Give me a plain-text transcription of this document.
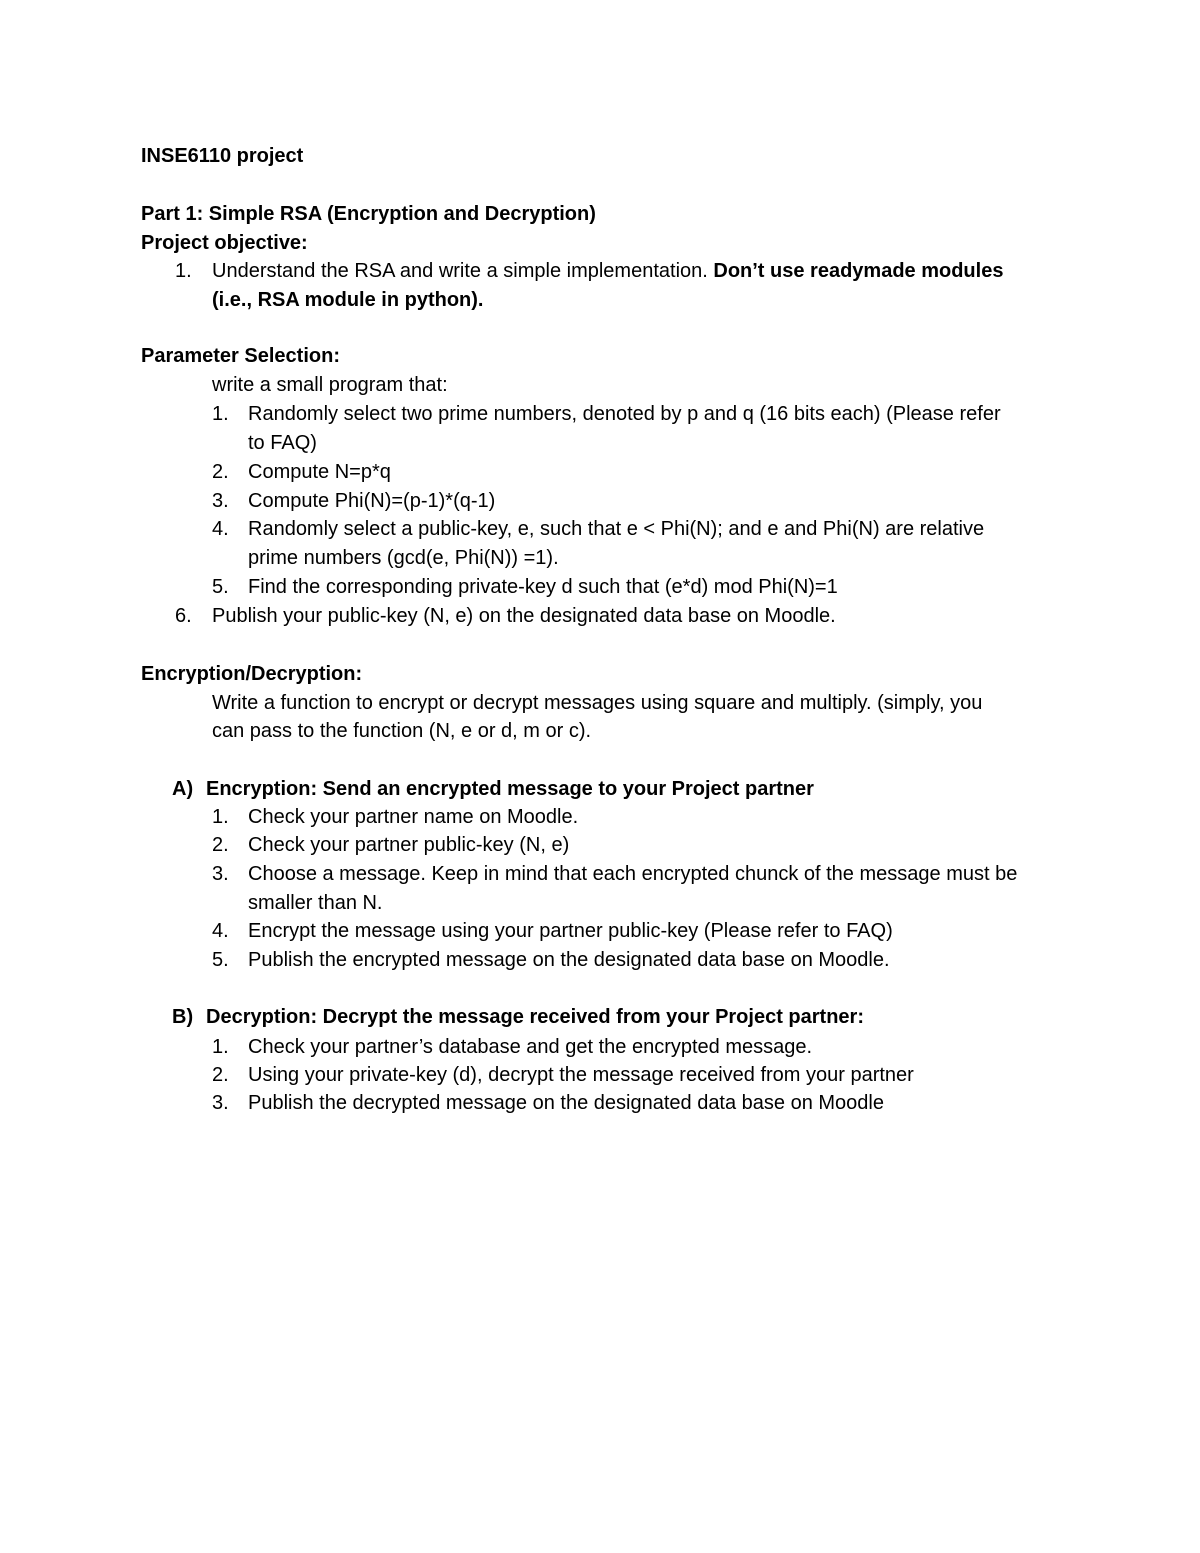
INSE6110 project
Part 1: Simple RSA (Encryption and Decryption)
Project objective:
1. Understand the RSA and write a simple implementation. Don’t use readymade modules
(i.e., RSA module in python).
Parameter Selection:
write a small program that:
1. Randomly select two prime numbers, denoted by p and q (16 bits each) (Please refer
to FAQ)
2. Compute N=p*q
3. Compute Phi(N)=(p-1)*(q-1)
4. Randomly select a public-key, e, such that e < Phi(N); and e and Phi(N) are relative
prime numbers (gcd(e, Phi(N)) =1).
5. Find the corresponding private-key d such that (e*d) mod Phi(N)=1
6. Publish your public-key (N, e) on the designated data base on Moodle.
Encryption/Decryption:
Write a function to encrypt or decrypt messages using square and multiply. (simply, you
can pass to the function (N, e or d, m or c).
A) Encryption: Send an encrypted message to your Project partner
1. Check your partner name on Moodle.
2. Check your partner public-key (N, e)
3. Choose a message. Keep in mind that each encrypted chunck of the message must be
smaller than N.
4. Encrypt the message using your partner public-key (Please refer to FAQ)
5. Publish the encrypted message on the designated data base on Moodle.
B) Decryption: Decrypt the message received from your Project partner:
1. Check your partner’s database and get the encrypted message.
2. Using your private-key (d), decrypt the message received from your partner
3. Publish the decrypted message on the designated data base on Moodle
